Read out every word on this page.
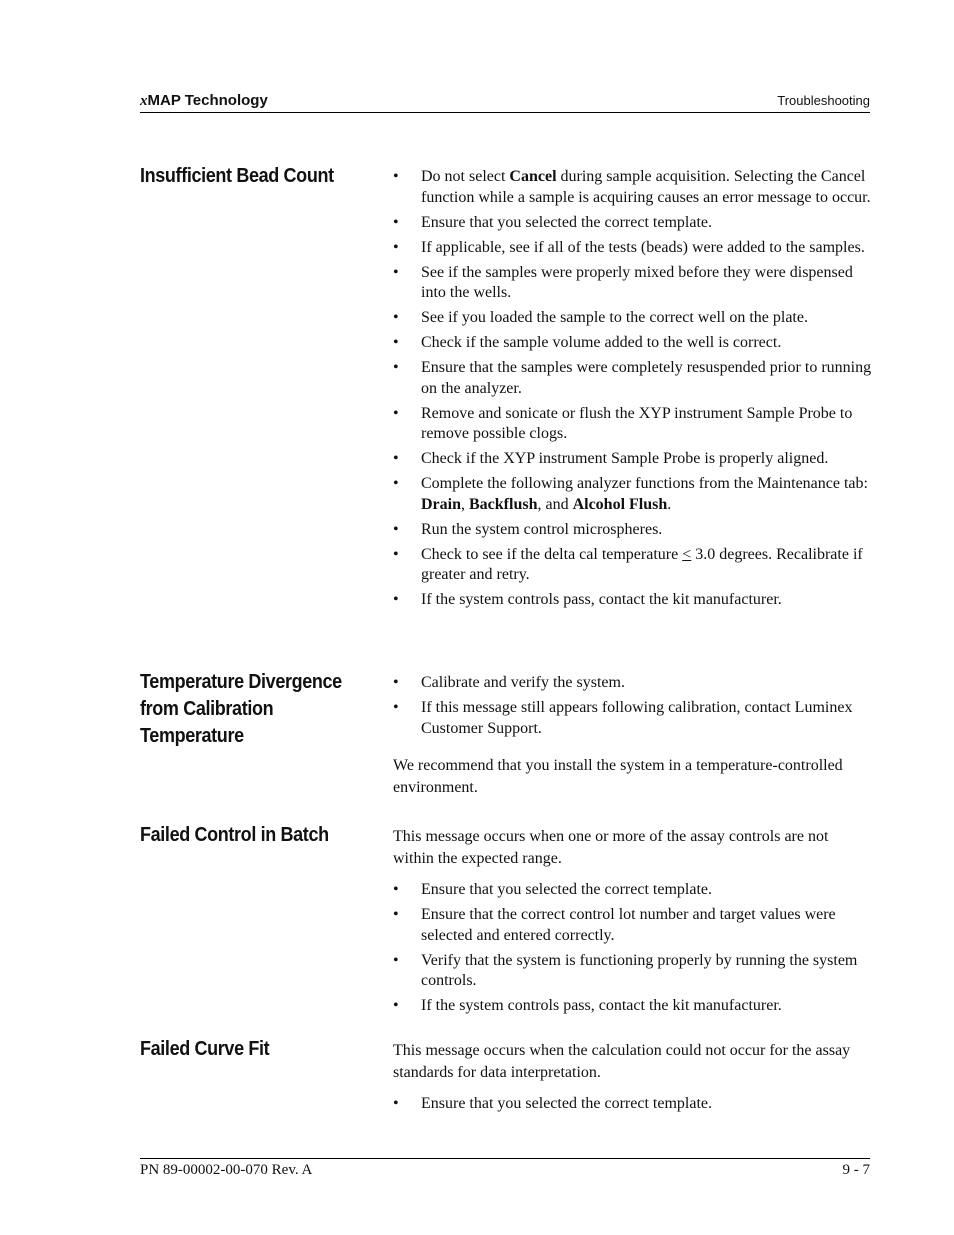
xMAP Technology	Troubleshooting
Insufficient Bead Count	• Do not select Cancel during sample acquisition. Selecting the Cancel function while a sample is acquiring causes an error message to occur.
• Ensure that you selected the correct template.
• If applicable, see if all of the tests (beads) were added to the samples.
• See if the samples were properly mixed before they were dispensed into the wells.
• See if you loaded the sample to the correct well on the plate.
• Check if the sample volume added to the well is correct.
• Ensure that the samples were completely resuspended prior to running on the analyzer.
• Remove and sonicate or flush the XYP instrument Sample Probe to remove possible clogs.
• Check if the XYP instrument Sample Probe is properly aligned.
• Complete the following analyzer functions from the Maintenance tab: Drain, Backflush, and Alcohol Flush.
• Run the system control microspheres.
• Check to see if the delta cal temperature < 3.0 degrees. Recalibrate if greater and retry.
• If the system controls pass, contact the kit manufacturer.
Temperature Divergence from Calibration Temperature
• Calibrate and verify the system.
• If this message still appears following calibration, contact Luminex Customer Support.

We recommend that you install the system in a temperature-controlled environment.

Failed Control in Batch	This message occurs when one or more of the assay controls are not within the expected range.

• Ensure that you selected the correct template.
• Ensure that the correct control lot number and target values were selected and entered correctly.
• Verify that the system is functioning properly by running the system controls.
• If the system controls pass, contact the kit manufacturer.
Failed Curve Fit	This message occurs when the calculation could not occur for the assay standards for data interpretation.

• Ensure that you selected the correct template.
PN 89-00002-00-070 Rev. A	9 - 7
